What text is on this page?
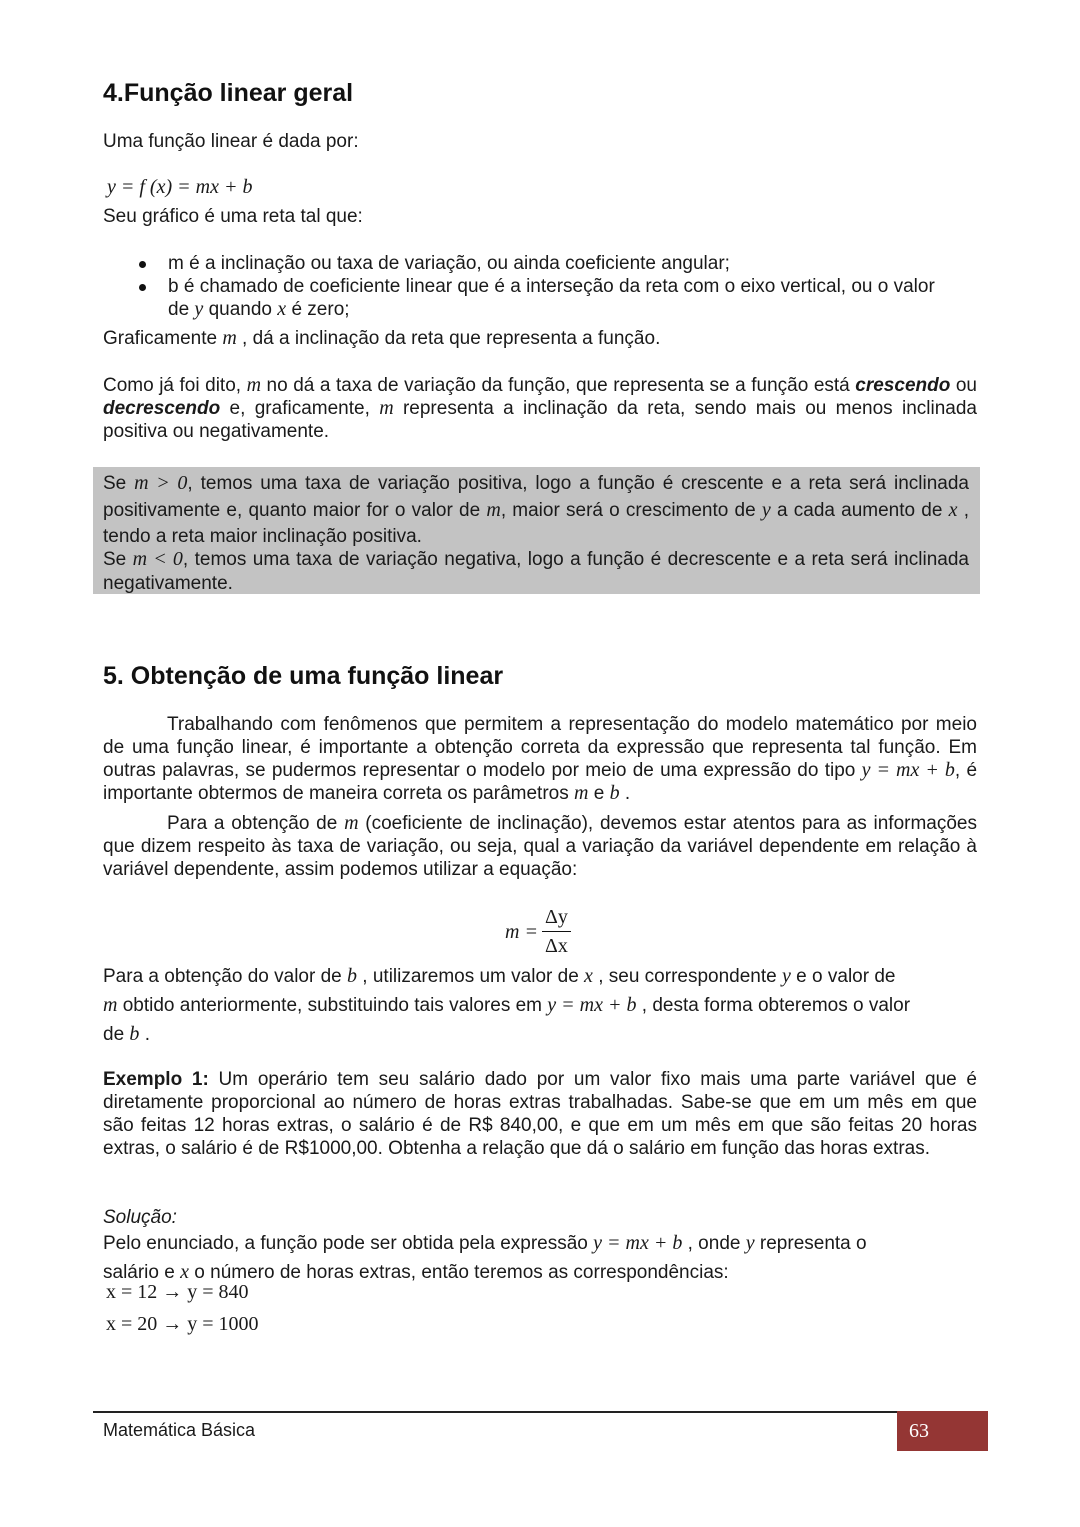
4.Função linear geral

Uma função linear é dada por:

y = f (x) = mx + b

Seu gráfico é uma reta tal que:

m é a inclinação ou taxa de variação, ou ainda coeficiente angular;
b é chamado de coeficiente linear que é a interseção da reta com o eixo vertical, ou o valor
de y quando x é zero;

Graficamente m , dá a inclinação da reta que representa a função.

Como já foi dito, m no dá a taxa de variação da função, que representa se a função está crescendo ou decrescendo e, graficamente, m representa a inclinação da reta, sendo mais ou menos inclinada positiva ou negativamente.

Se m > 0, temos uma taxa de variação positiva, logo a função é crescente e a reta será inclinada positivamente e, quanto maior for o valor de m, maior será o crescimento de y a cada aumento de x , tendo a reta maior inclinação positiva.

Se m < 0, temos uma taxa de variação negativa, logo a função é decrescente e a reta será inclinada negativamente.

5. Obtenção de uma função linear

Trabalhando com fenômenos que permitem a representação do modelo matemático por meio de uma função linear, é importante a obtenção correta da expressão que representa tal função. Em outras palavras, se pudermos representar o modelo por meio de uma expressão do tipo y = mx + b, é importante obtermos de maneira correta os parâmetros m e b .

Para a obtenção de m (coeficiente de inclinação), devemos estar atentos para as informações que dizem respeito às taxa de variação, ou seja, qual a variação da variável dependente em relação à variável dependente, assim podemos utilizar a equação:

$m = \frac{\Delta y}{\Delta x}$

Para a obtenção do valor de b , utilizaremos um valor de x , seu correspondente y e o valor de
m obtido anteriormente, substituindo tais valores em y = mx + b , desta forma obteremos o valor
de b .

Exemplo 1: Um operário tem seu salário dado por um valor fixo mais uma parte variável que é diretamente proporcional ao número de horas extras trabalhadas. Sabe-se que em um mês em que são feitas 12 horas extras, o salário é de R$ 840,00, e que em um mês em que são feitas 20 horas extras, o salário é de R$1000,00. Obtenha a relação que dá o salário em função das horas extras.

Solução:

Pelo enunciado, a função pode ser obtida pela expressão y = mx + b , onde y representa o
salário e x o número de horas extras, então teremos as correspondências:

x = 12 → y = 840
x = 20 → y = 1000
Matemática Básica	63
